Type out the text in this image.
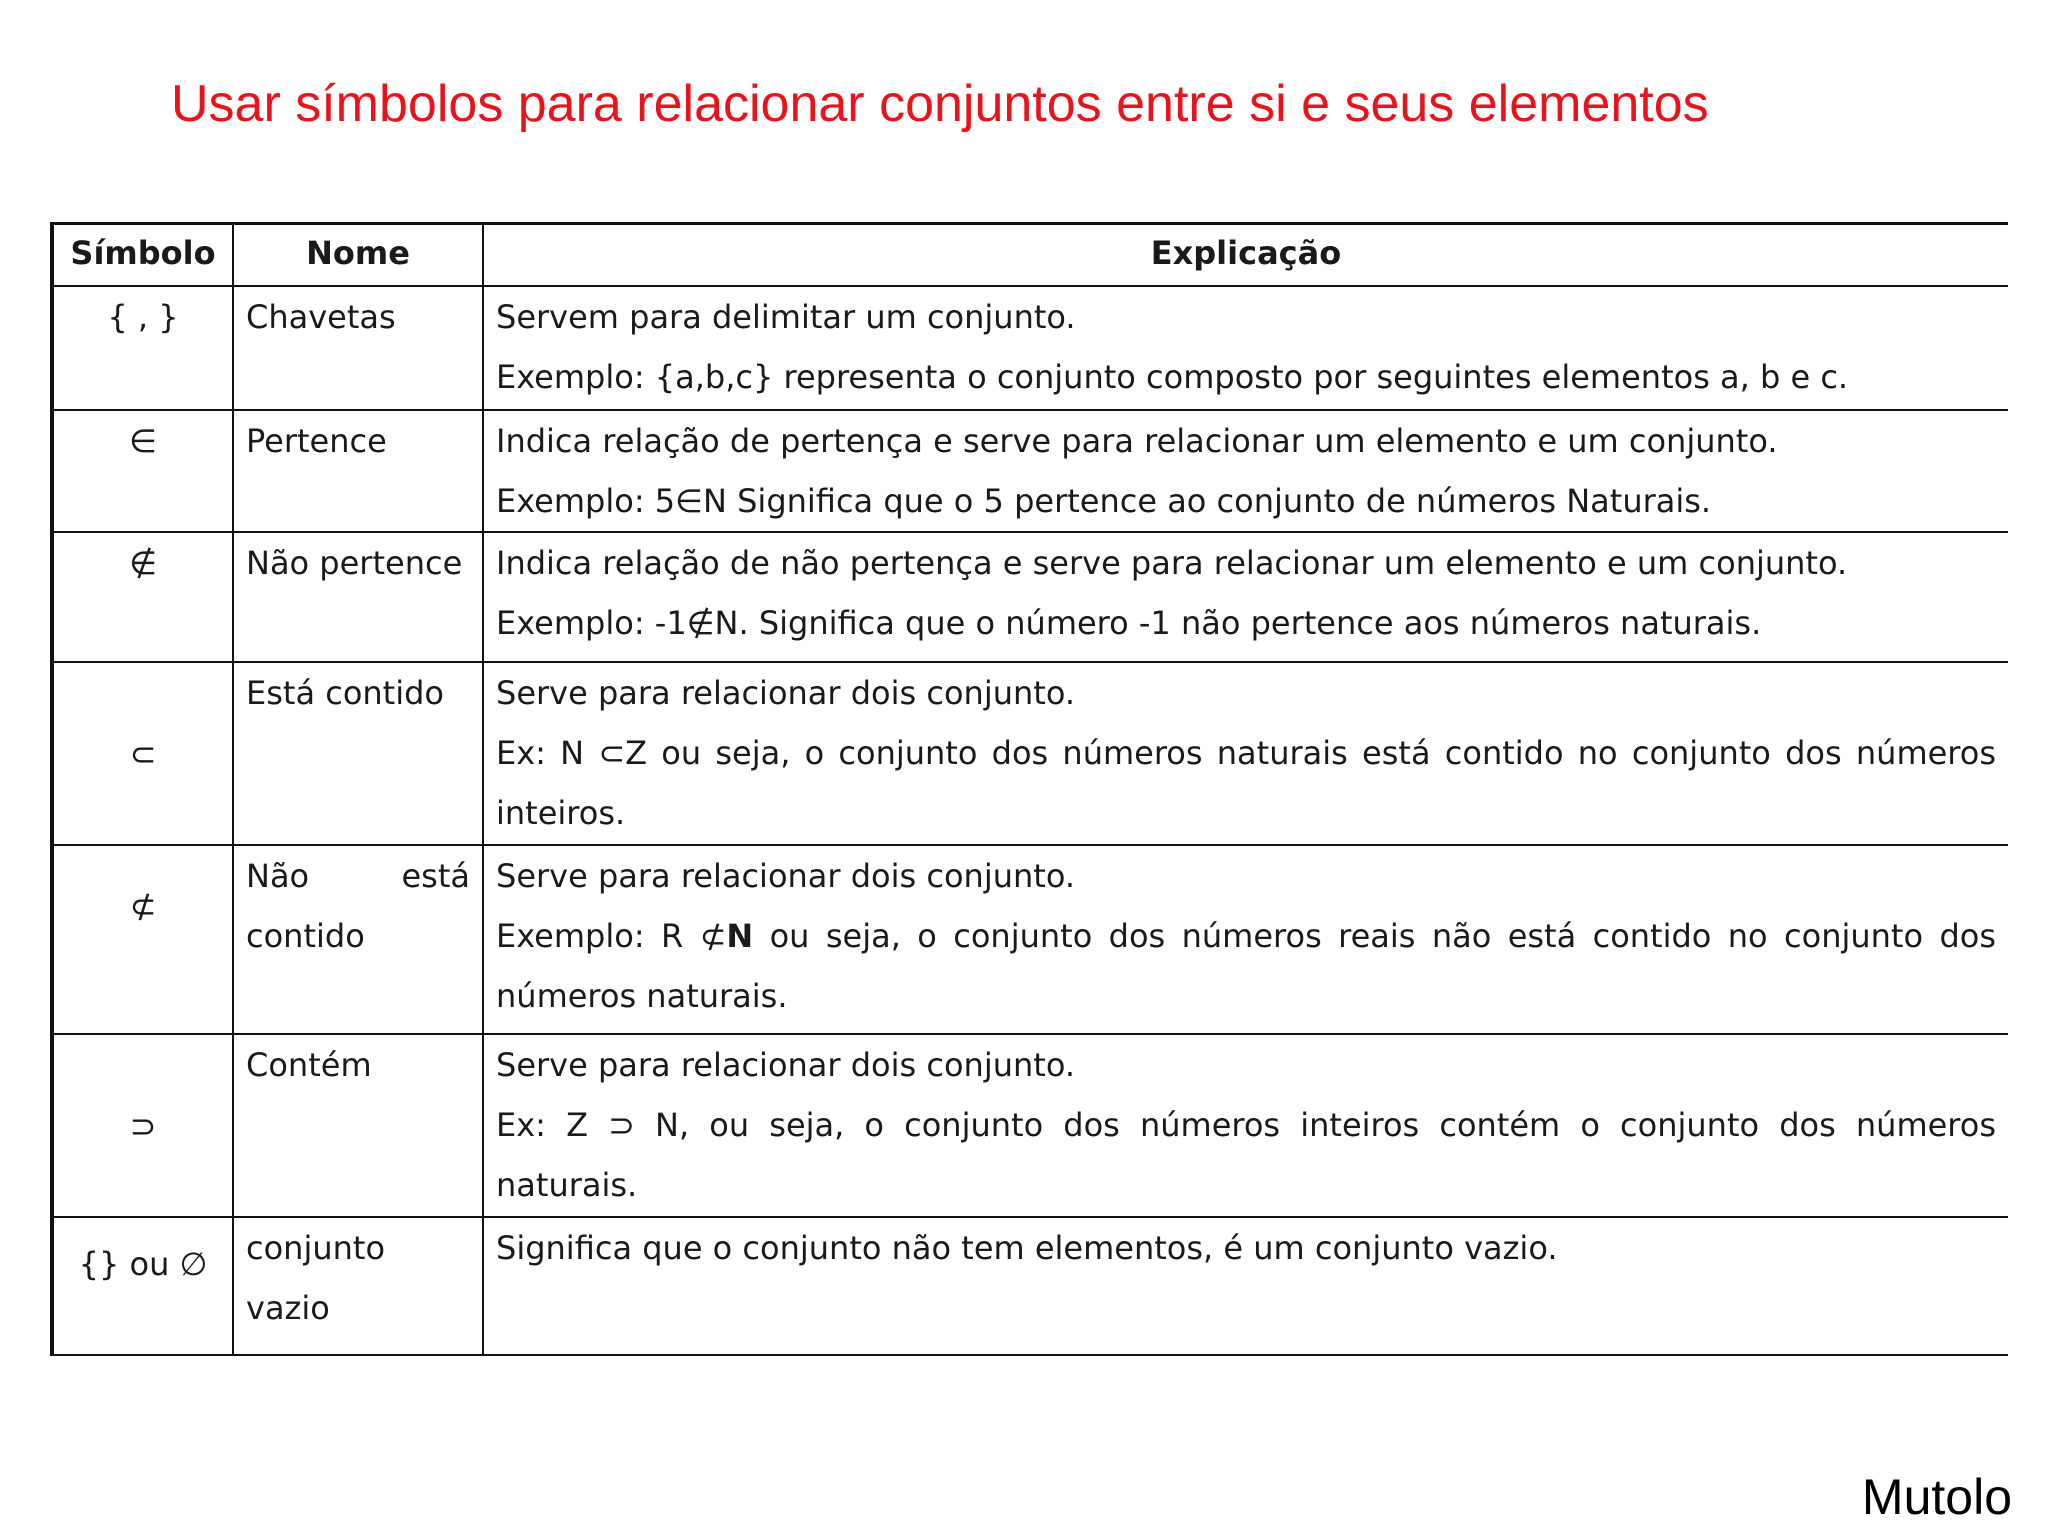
Usar símbolos para relacionar conjuntos entre si e seus elementos
Símbolo	Nome	Explicação
{ , }	Chavetas	Servem para delimitar um conjunto.

Exemplo: {a,b,c} representa o conjunto composto por seguintes elementos a, b e c.

∈	Pertence	Indica relação de pertença e serve para relacionar um elemento e um conjunto.

Exemplo: 5∈N Significa que o 5 pertence ao conjunto de números Naturais.

∉	Não pertence	Indica relação de não pertença e serve para relacionar um elemento e um conjunto.

Exemplo: -1∉N. Significa que o número -1 não pertence aos números naturais.

⊂	Está contido	Serve para relacionar dois conjunto.

Ex: N ⊂Z ou seja, o conjunto dos números naturais está contido no conjunto dos números inteiros.

⊄	Não está contido	Serve para relacionar dois conjunto.

Exemplo: R ⊄N ou seja, o conjunto dos números reais não está contido no conjunto dos números naturais.

⊃	Contém	Serve para relacionar dois conjunto.

Ex: Z ⊃ N, ou seja, o conjunto dos números inteiros contém o conjunto dos números naturais.

{} ou ∅	conjunto vazio	Significa que o conjunto não tem elementos, é um conjunto vazio.

Mutolo
